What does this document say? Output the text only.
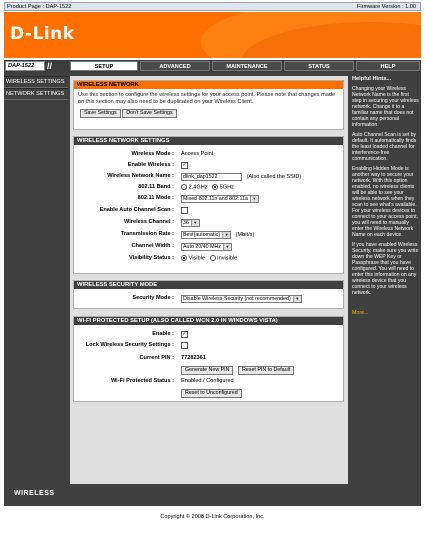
Product Page : DAP-1522	Firmware Version : 1.00
D-Link
DAP-1522	//	SETUP	ADVANCED	MAINTENANCE	STATUS	HELP
WIRELESS SETTINGS
NETWORK SETTINGS
WIRELESS NETWORK

Use this section to configure the wireless settings for your access point. Please note that changes made on this section may also need to be duplicated on your Wireless Client.

Save Settings Don't Save Settings
WIRELESS NETWORK SETTINGS
Wireless Mode : Access Point
Enable Wireless : ✓
Wireless Network Name :	dlink_dap1522	(Also called the SSID)
802.11 Band :	2.4GHz 5GHz
802.11 Mode :	Mixed 802.11n and 802.11a	▼
Enable Auto Channel Scan :
Wireless Channel :	36	▼
Transmission Rate :	Best(automatic)	▼ (Mbit/s)
Channel Width :	Auto 20/40 MHz	▼
Visibility Status :	Visible Invisible
WIRELESS SECURITY MODE
Security Mode :	Disable Wireless Security (not recommended)	▼
WI-FI PROTECTED SETUP (ALSO CALLED WCN 2.0 IN WINDOWS VISTA)
Enable : ✓
Lock Wireless Security Settings :
Current PIN : 77282361
Generate New PIN Reset PIN to Default
Wi-Fi Protected Status : Enabled / Configured
Reset to Unconfigured
Helpful Hints...
Changing your Wireless Network Name is the first step in securing your wireless network. Change it to a familiar name that does not contain any personal information.
Auto Channel Scan is set by default. It automatically finds the least loaded channel for interference-free communication.
Enabling Hidden Mode is another way to secure your network. With this option enabled, no wireless clients will be able to see your wireless network when they scan to see what's available. For your wireless devices to connect to your access point, you will need to manually enter the Wireless Network Name on each device.
If you have enabled Wireless Security, make sure you write down the WEP Key or Passphrase that you have configured. You will need to enter this information on any wireless device that you connect to your wireless network.
More...
WIRELESS
Copyright © 2008 D-Link Corporation, Inc.
